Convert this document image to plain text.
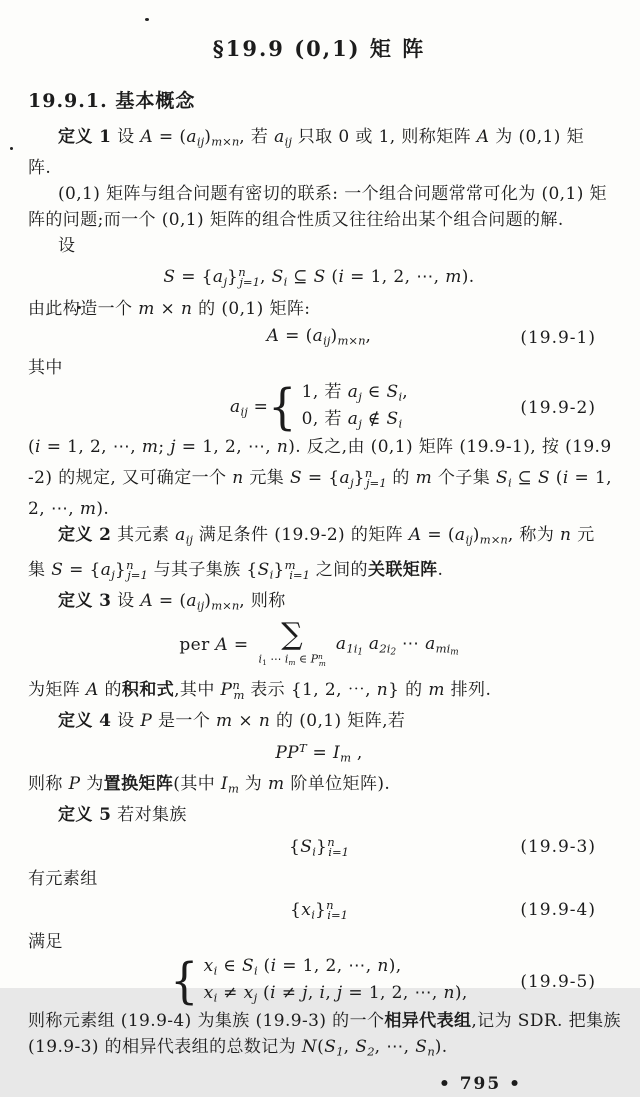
§19.9 (0,1) 矩 阵
19.9.1. 基本概念
定义 1 设 $A = (a_{ij})_{m\times n}$, 若 $a_{ij}$ 只取 0 或 1, 则称矩阵 A 为 (0,1) 矩
阵.
(0,1) 矩阵与组合问题有密切的联系: 一个组合问题常常可化为 (0,1) 矩
阵的问题;而一个 (0,1) 矩阵的组合性质又往往给出某个组合问题的解.
设
$S = \{a_j\}^n_{j=1}$, $S_i$ ⊆ S (i = 1, 2, ⋯, m).
由此构造一个 m × n 的 (0,1) 矩阵:
$A = (a_{ij})_{m\times n}$,	(19.9-1)
其中
$a_{ij}$ = { 1, 若 $a_j$ ∈ $S_i$,
0, 若 $a_j$ ∉ $S_i$
(19.9-2)
(i = 1, 2, ⋯, m; j = 1, 2, ⋯, n). 反之,由 (0,1) 矩阵 (19.9-1), 按 (19.9
-2) 的规定, 又可确定一个 n 元集 $S = \{a_j\}^n_{j=1}$ 的 m 个子集 $S_i$ ⊆ S (i = 1,
2, ⋯, m).
定义 2 其元素 $a_{ij}$ 满足条件 (19.9-2) 的矩阵 $A = (a_{ij})_{m\times n}$, 称为 n 元
集 $S = \{a_j\}^n_{j=1}$ 与其子集族 $\{S_i\}^m_{i=1}$ 之间的关联矩阵.
定义 3 设 $A = (a_{ij})_{m\times n}$, 则称
per A = ∑
$i_1$ ⋯ $i_m$ ∈ $P^n_m$
$a_{1i1}$ $a_{2i2}$ ⋯ $a_{mim}$
为矩阵 A 的积和式,其中 $P^n_m$ 表示 {1, 2, ⋯, n} 的 m 排列.
定义 4 设 P 是一个 m × n 的 (0,1) 矩阵,若
$PP^T = I_m$ ,
则称 P 为置换矩阵(其中 $I_m$ 为 m 阶单位矩阵).
定义 5 若对集族
$\{S_i\}^n_{i=1}$	(19.9-3)
有元素组
$\{x_i\}^n_{i=1}$	(19.9-4)
满足
{ $x_i$ ∈ $S_i$ (i = 1, 2, ⋯, n),
$x_i \ne x_j$ (i ≠ j, i, j = 1, 2, ⋯, n),
(19.9-5)
则称元素组 (19.9-4) 为集族 (19.9-3) 的一个相异代表组,记为 SDR. 把集族
(19.9-3) 的相异代表组的总数记为 $N(S_1$, $S_2$, ⋯, $S_n$).
• 795 •
